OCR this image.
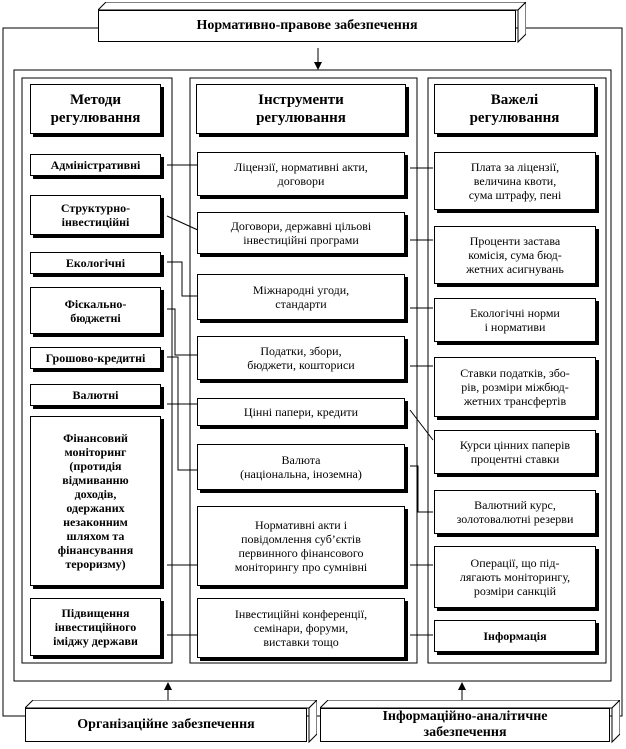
Нормативно-правове забезпечення
Організаційне забезпечення
Інформаційно-аналітичне
забезпечення
Методи
регулювання
Інструменти
регулювання
Важелі
регулювання
Адміністративні
Структурно-
інвестиційні
Екологічні
Фіскально-
бюджетні
Грошово-кредитні
Валютні
Фінансовий
моніторинг
(протидія
відмиванню
доходів,
одержаних
незаконним
шляхом та
фінансування
тероризму)
Підвищення
інвестиційного
іміджу держави
Ліцензії, нормативні акти,
договори
Договори, державні цільові
інвестиційні програми
Міжнародні угоди,
стандарти
Податки, збори,
бюджети, кошториси
Цінні папери, кредити
Валюта
(національна, іноземна)
Нормативні акти і
повідомлення суб’єктів
первинного фінансового
моніторингу про сумнівні
Інвестиційні конференції,
семінари, форуми,
виставки тощо
Плата за ліцензії,
величина квоти,
сума штрафу, пені
Проценти застава
комісія, сума бюд-
жетних асигнувань
Екологічні норми
і нормативи
Ставки податків, збо-
рів, розміри міжбюд-
жетних трансфертів
Курси цінних паперів
процентні ставки
Валютний курс,
золотовалютні резерви
Операції, що під-
лягають моніторингу,
розміри санкцій
Інформація
